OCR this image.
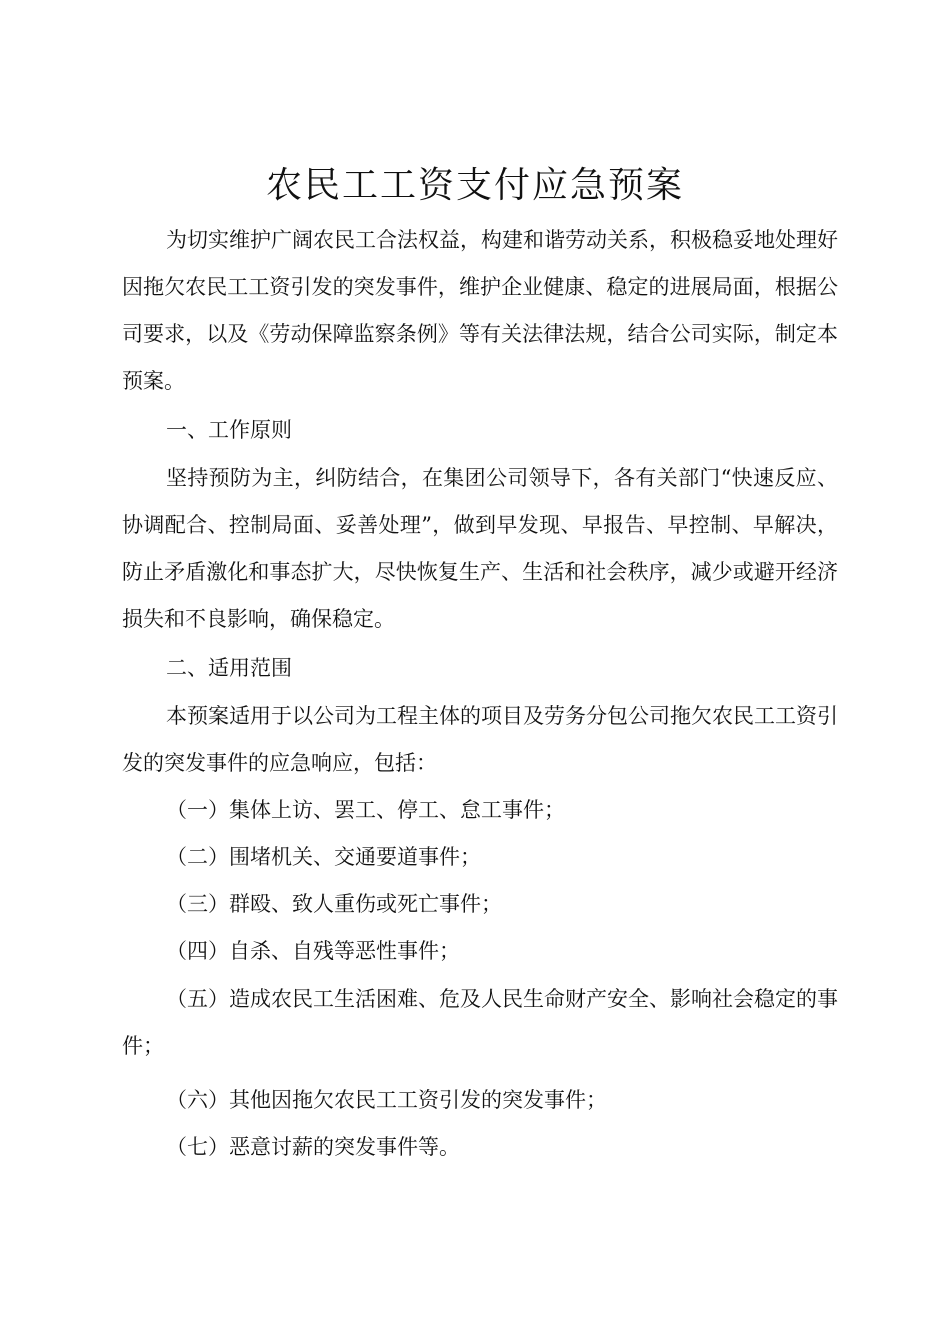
农民工工资支付应急预案

为切实维护广阔农民工合法权益，构建和谐劳动关系，积极稳妥地处理好因拖欠农民工工资引发的突发事件，维护企业健康、稳定的进展局面，根据公司要求，以及《劳动保障监察条例》等有关法律法规，结合公司实际，制定本预案。

一、工作原则

坚持预防为主，纠防结合，在集团公司领导下，各有关部门“快速反应、协调配合、控制局面、妥善处理”，做到早发现、早报告、早控制、早解决，防止矛盾激化和事态扩大，尽快恢复生产、生活和社会秩序，减少或避开经济损失和不良影响，确保稳定。

二、适用范围

本预案适用于以公司为工程主体的项目及劳务分包公司拖欠农民工工资引发的突发事件的应急响应，包括：

（一）集体上访、罢工、停工、怠工事件；

（二）围堵机关、交通要道事件；

（三）群殴、致人重伤或死亡事件；

（四）自杀、自残等恶性事件；

（五）造成农民工生活困难、危及人民生命财产安全、影响社会稳定的事件；

（六）其他因拖欠农民工工资引发的突发事件；

（七）恶意讨薪的突发事件等。
